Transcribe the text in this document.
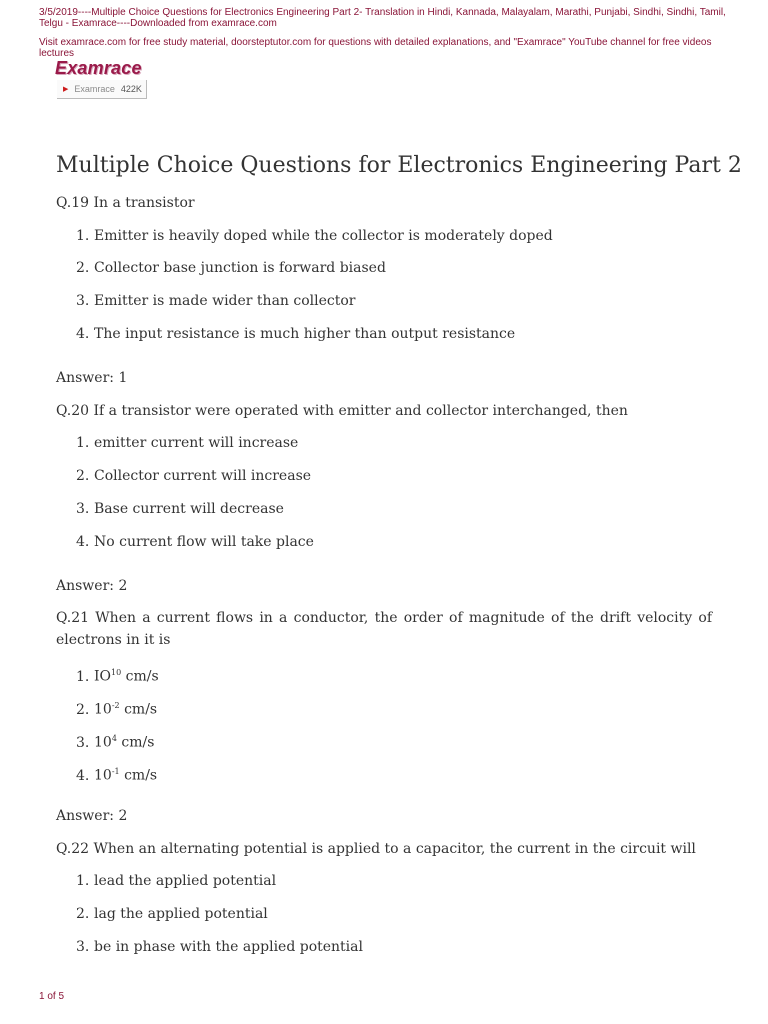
3/5/2019----Multiple Choice Questions for Electronics Engineering Part 2- Translation in Hindi, Kannada, Malayalam, Marathi, Punjabi, Sindhi, Sindhi, Tamil, Telgu - Examrace----Downloaded from examrace.com
Visit examrace.com for free study material, doorsteptutor.com for questions with detailed explanations, and "Examrace" YouTube channel for free videos lectures
Examrace
▶ Examrace 422K
Multiple Choice Questions for Electronics Engineering Part 2
Q.19 In a transistor
1. Emitter is heavily doped while the collector is moderately doped
2. Collector base junction is forward biased
3. Emitter is made wider than collector
4. The input resistance is much higher than output resistance
Answer: 1
Q.20 If a transistor were operated with emitter and collector interchanged, then
1. emitter current will increase
2. Collector current will increase
3. Base current will decrease
4. No current flow will take place
Answer: 2
Q.21 When a current flows in a conductor, the order of magnitude of the drift velocity of electrons in it is
1. IO$^{10}$ cm/s
2. $10^{-2}$ cm/s
3. $10^4$ cm/s
4. $10^{-1}$ cm/s
Answer: 2
Q.22 When an alternating potential is applied to a capacitor, the current in the circuit will
1. lead the applied potential
2. lag the applied potential
3. be in phase with the applied potential
1 of 5
